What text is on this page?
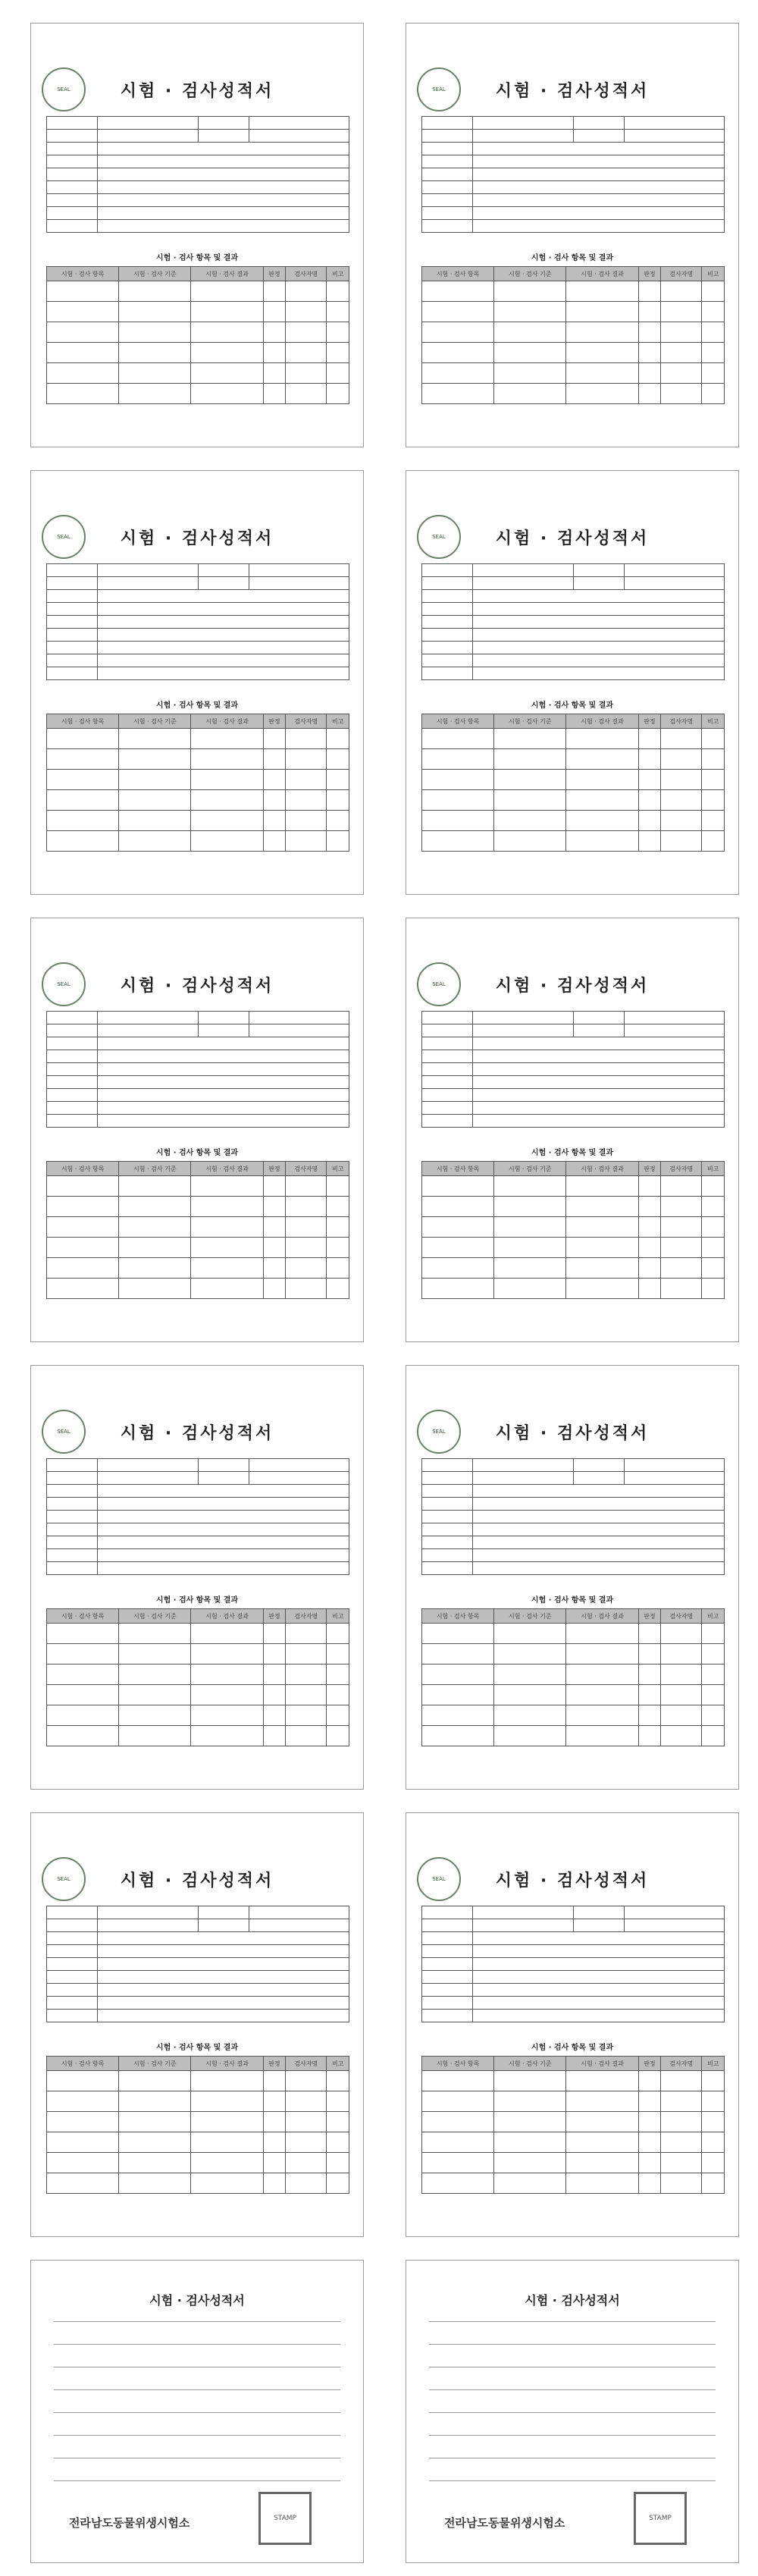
SEAL	시험 · 검사성적서

시험 · 검사 항목 및 결과
시험 · 검사 항목	시험 · 검사 기준	시험 · 검사 결과	판정	검사자명	비고

SEAL	시험 · 검사성적서

시험 · 검사 항목 및 결과
시험 · 검사 항목	시험 · 검사 기준	시험 · 검사 결과	판정	검사자명	비고

SEAL	시험 · 검사성적서

시험 · 검사 항목 및 결과
시험 · 검사 항목	시험 · 검사 기준	시험 · 검사 결과	판정	검사자명	비고

SEAL	시험 · 검사성적서

시험 · 검사 항목 및 결과
시험 · 검사 항목	시험 · 검사 기준	시험 · 검사 결과	판정	검사자명	비고

SEAL	시험 · 검사성적서

시험 · 검사 항목 및 결과
시험 · 검사 항목	시험 · 검사 기준	시험 · 검사 결과	판정	검사자명	비고

SEAL	시험 · 검사성적서

시험 · 검사 항목 및 결과
시험 · 검사 항목	시험 · 검사 기준	시험 · 검사 결과	판정	검사자명	비고

SEAL	시험 · 검사성적서

시험 · 검사 항목 및 결과
시험 · 검사 항목	시험 · 검사 기준	시험 · 검사 결과	판정	검사자명	비고

SEAL	시험 · 검사성적서

시험 · 검사 항목 및 결과
시험 · 검사 항목	시험 · 검사 기준	시험 · 검사 결과	판정	검사자명	비고

SEAL	시험 · 검사성적서

시험 · 검사 항목 및 결과
시험 · 검사 항목	시험 · 검사 기준	시험 · 검사 결과	판정	검사자명	비고

SEAL	시험 · 검사성적서

시험 · 검사 항목 및 결과
시험 · 검사 항목	시험 · 검사 기준	시험 · 검사 결과	판정	검사자명	비고

시험 · 검사성적서
전라남도동물위생시험소	STAMP
시험 · 검사성적서
전라남도동물위생시험소	STAMP
